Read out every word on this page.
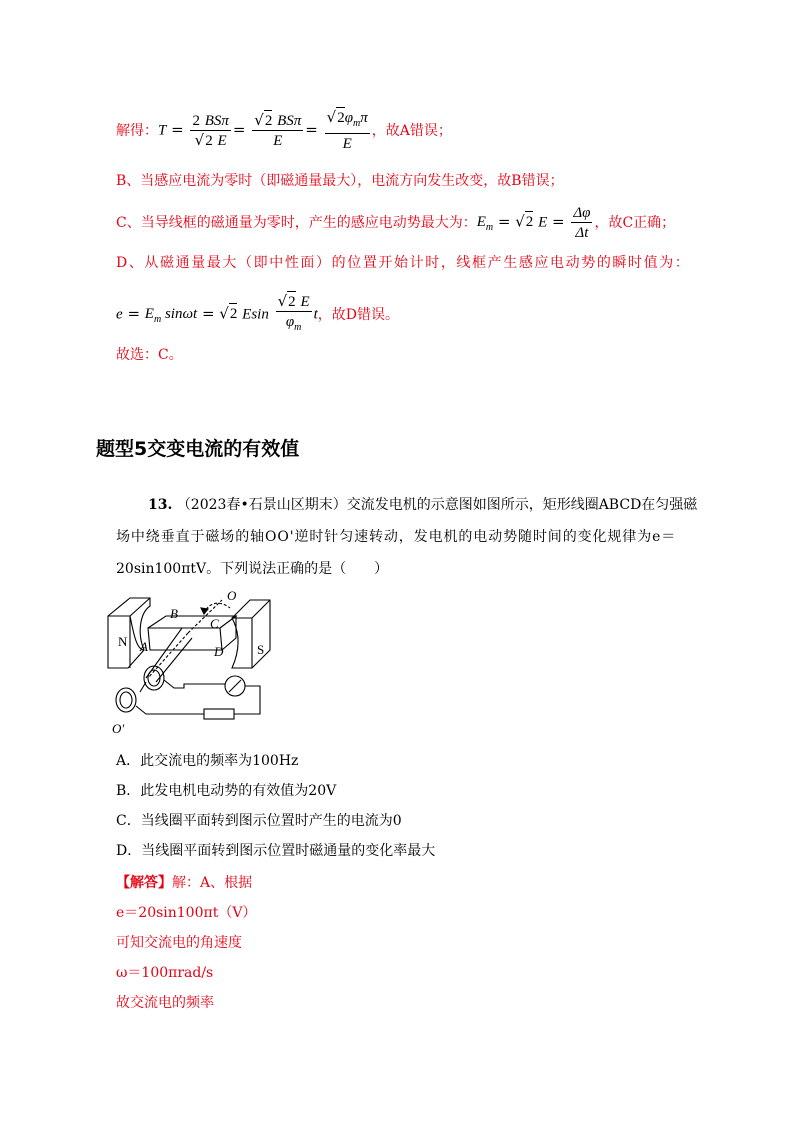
解得： $T = \frac{\text{2 BSπ}}{√2 E} = \frac{\text{√2 BSπ}}{E} = \frac{√2\varphi_m\pi}{E}$ ，故A错误；
B、当感应电流为零时（即磁通量最大），电流方向发生改变，故B错误；
C、当导线框的磁通量为零时，产生的感应电动势最大为： $E_m = √2$ $E = \frac{\Delta\varphi}{\Delta t}$ ，故C正确；
D、从磁通量最大（即中性面）的位置开始计时，线框产生感应电动势的瞬时值为：
$e = E_m$ sinωt = √2 Esin $\frac{√2 E}{\varphi_m}$ t ，故D错误。
故选：C。
题型5交变电流的有效值
13. （2023春•石景山区期末）交流发电机的示意图如图所示，矩形线圈ABCD在匀强磁
场中绕垂直于磁场的轴OO'逆时针匀速转动，发电机的电动势随时间的变化规律为e＝
20sin100πtV。下列说法正确的是（　　）
N
S
A
B
C
D
O
O′
A．此交流电的频率为100Hz
B．此发电机电动势的有效值为20V
C．当线圈平面转到图示位置时产生的电流为0
D．当线圈平面转到图示位置时磁通量的变化率最大
【解答】解：A、根据
e＝20sin100πt（V）
可知交流电的角速度
ω＝100πrad/s
故交流电的频率
